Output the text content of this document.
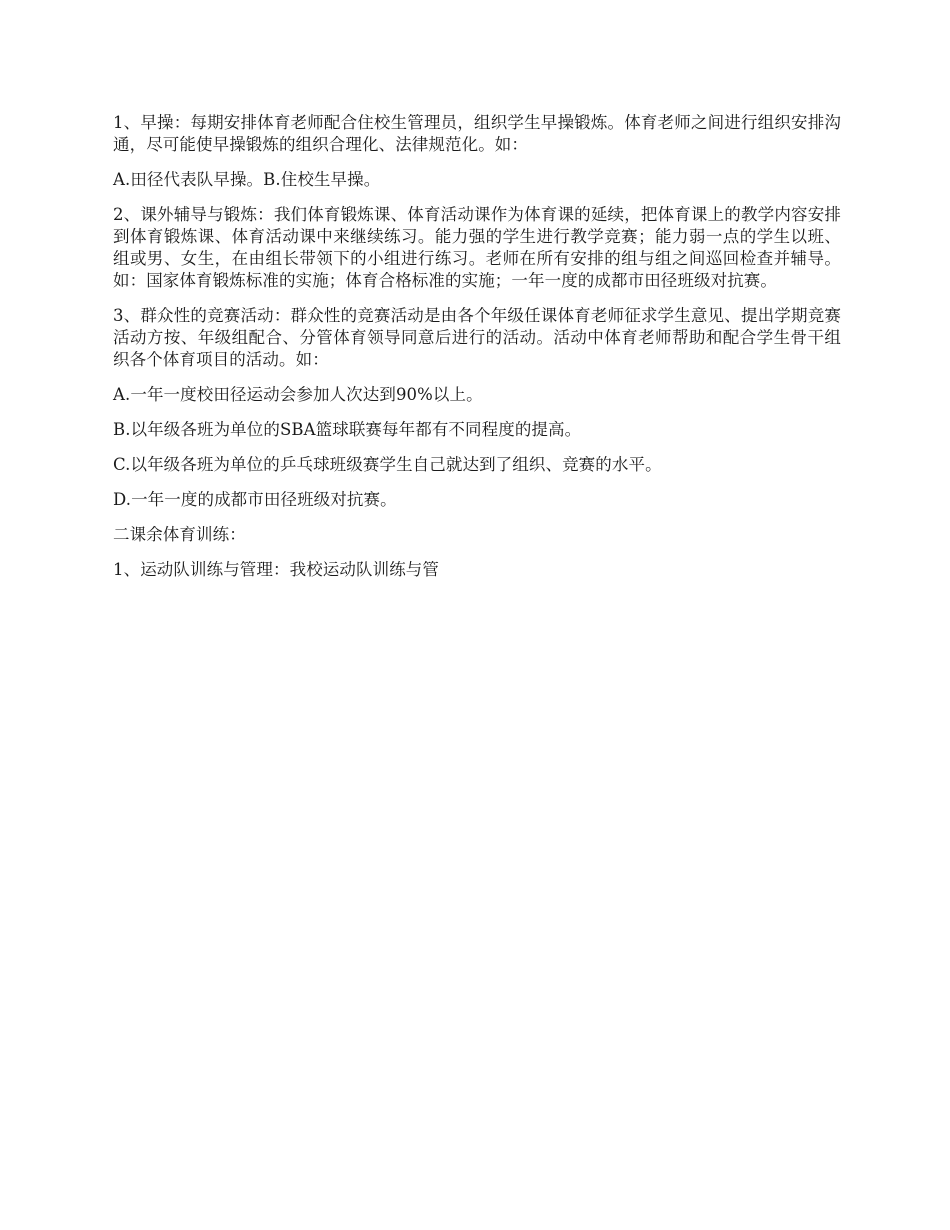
1、早操：每期安排体育老师配合住校生管理员，组织学生早操锻炼。体育老师之间进行组织安排沟通，尽可能使早操锻炼的组织合理化、法律规范化。如：

A.田径代表队早操。B.住校生早操。

2、课外辅导与锻炼：我们体育锻炼课、体育活动课作为体育课的延续，把体育课上的教学内容安排到体育锻炼课、体育活动课中来继续练习。能力强的学生进行教学竞赛；能力弱一点的学生以班、组或男、女生，在由组长带领下的小组进行练习。老师在所有安排的组与组之间巡回检查并辅导。如：国家体育锻炼标准的实施；体育合格标准的实施；一年一度的成都市田径班级对抗赛。

3、群众性的竞赛活动：群众性的竞赛活动是由各个年级任课体育老师征求学生意见、提出学期竞赛活动方按、年级组配合、分管体育领导同意后进行的活动。活动中体育老师帮助和配合学生骨干组织各个体育项目的活动。如：

A.一年一度校田径运动会参加人次达到90%以上。

B.以年级各班为单位的SBA篮球联赛每年都有不同程度的提高。

C.以年级各班为单位的乒乓球班级赛学生自己就达到了组织、竞赛的水平。

D.一年一度的成都市田径班级对抗赛。

二课余体育训练：

1、运动队训练与管理：我校运动队训练与管
